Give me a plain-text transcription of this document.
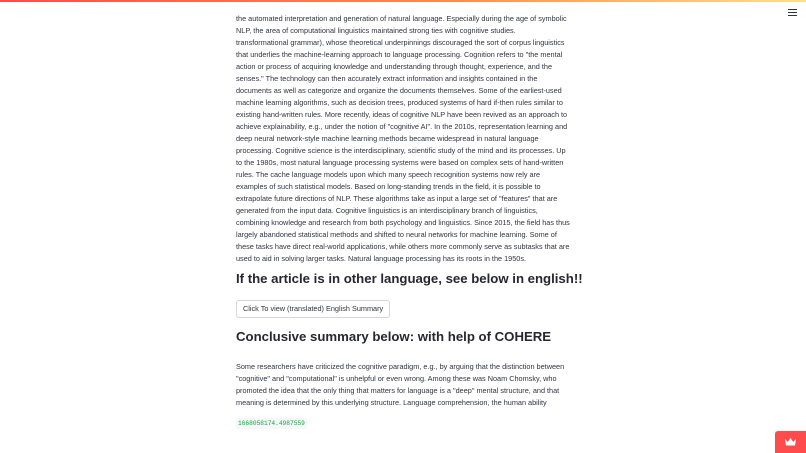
the automated interpretation and generation of natural language. Especially during the age of symbolic NLP, the area of computational linguistics maintained strong ties with cognitive studies. transformational grammar), whose theoretical underpinnings discouraged the sort of corpus linguistics that underlies the machine-learning approach to language processing. Cognition refers to "the mental action or process of acquiring knowledge and understanding through thought, experience, and the senses." The technology can then accurately extract information and insights contained in the documents as well as categorize and organize the documents themselves. Some of the earliest-used machine learning algorithms, such as decision trees, produced systems of hard if-then rules similar to existing hand-written rules. More recently, ideas of cognitive NLP have been revived as an approach to achieve explainability, e.g., under the notion of "cognitive AI". In the 2010s, representation learning and deep neural network-style machine learning methods became widespread in natural language processing. Cognitive science is the interdisciplinary, scientific study of the mind and its processes. Up to the 1980s, most natural language processing systems were based on complex sets of hand-written rules. The cache language models upon which many speech recognition systems now rely are examples of such statistical models. Based on long-standing trends in the field, it is possible to extrapolate future directions of NLP. These algorithms take as input a large set of "features" that are generated from the input data. Cognitive linguistics is an interdisciplinary branch of linguistics, combining knowledge and research from both psychology and linguistics. Since 2015, the field has thus largely abandoned statistical methods and shifted to neural networks for machine learning. Some of these tasks have direct real-world applications, while others more commonly serve as subtasks that are used to aid in solving larger tasks. Natural language processing has its roots in the 1950s.

If the article is in other language, see below in english!!
Click To view (translated) English Summary
Conclusive summary below: with help of COHERE

Some researchers have criticized the cognitive paradigm, e.g., by arguing that the distinction between "cognitive" and "computational" is unhelpful or even wrong. Among these was Noam Chomsky, who promoted the idea that the only thing that matters for language is a "deep" mental structure, and that meaning is determined by this underlying structure. Language comprehension, the human ability

1668058174.4987559
